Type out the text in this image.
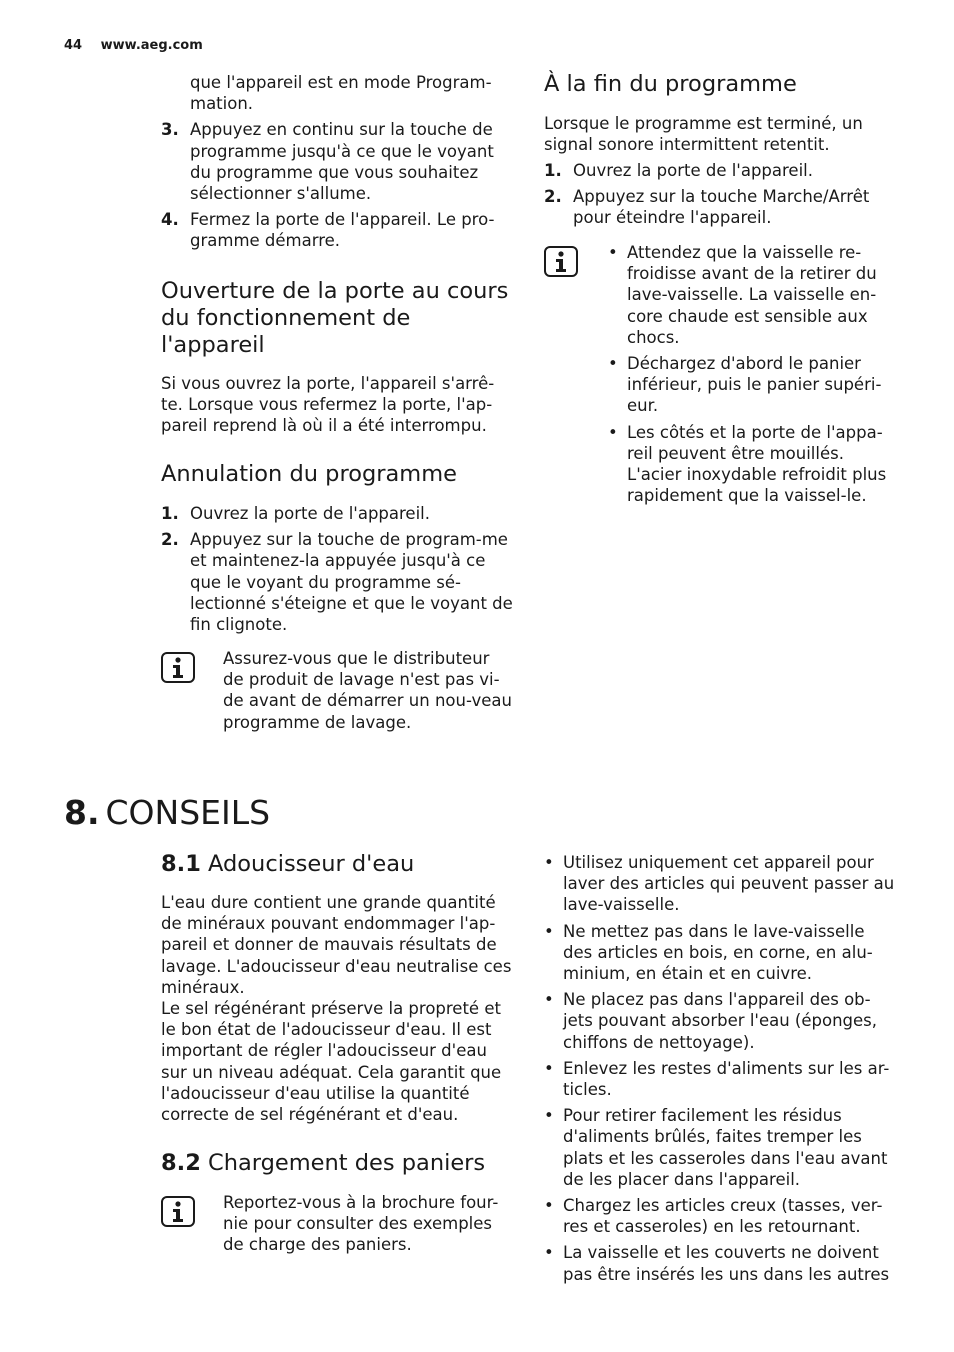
44 www.aeg.com

que l'appareil est en mode Program-mation.

3. Appuyez en continu sur la touche de programme jusqu'à ce que le voyant du programme que vous souhaitez sélectionner s'allume.
4. Fermez la porte de l'appareil. Le pro-gramme démarre.
Ouverture de la porte au cours du fonctionnement de l'appareil

Si vous ouvrez la porte, l'appareil s'arrê-te. Lorsque vous refermez la porte, l'ap-pareil reprend là où il a été interrompu.

Annulation du programme
1. Ouvrez la porte de l'appareil.
2. Appuyez sur la touche de program-me et maintenez-la appuyée jusqu'à ce que le voyant du programme sé-lectionné s'éteigne et que le voyant de fin clignote.

Assurez-vous que le distributeur de produit de lavage n'est pas vi-de avant de démarrer un nou-veau programme de lavage.

À la fin du programme

Lorsque le programme est terminé, un signal sonore intermittent retentit.

1. Ouvrez la porte de l'appareil.
2. Appuyez sur la touche Marche/Arrêt pour éteindre l'appareil.
• Attendez que la vaisselle re-froidisse avant de la retirer du lave-vaisselle. La vaisselle en-core chaude est sensible aux chocs.
• Déchargez d'abord le panier inférieur, puis le panier supéri-eur.
• Les côtés et la porte de l'appa-reil peuvent être mouillés. L'acier inoxydable refroidit plus rapidement que la vaissel-le.
8. CONSEILS
8.1 Adoucisseur d'eau

L'eau dure contient une grande quantité de minéraux pouvant endommager l'ap-pareil et donner de mauvais résultats de lavage. L'adoucisseur d'eau neutralise ces minéraux.

Le sel régénérant préserve la propreté et le bon état de l'adoucisseur d'eau. Il est important de régler l'adoucisseur d'eau sur un niveau adéquat. Cela garantit que l'adoucisseur d'eau utilise la quantité correcte de sel régénérant et d'eau.

8.2 Chargement des paniers

Reportez-vous à la brochure four-nie pour consulter des exemples de charge des paniers.

• Utilisez uniquement cet appareil pour laver des articles qui peuvent passer au lave-vaisselle.
• Ne mettez pas dans le lave-vaisselle des articles en bois, en corne, en alu-minium, en étain et en cuivre.
• Ne placez pas dans l'appareil des ob-jets pouvant absorber l'eau (éponges, chiffons de nettoyage).
• Enlevez les restes d'aliments sur les ar-ticles.
• Pour retirer facilement les résidus d'aliments brûlés, faites tremper les plats et les casseroles dans l'eau avant de les placer dans l'appareil.
• Chargez les articles creux (tasses, ver-res et casseroles) en les retournant.
• La vaisselle et les couverts ne doivent pas être insérés les uns dans les autres
